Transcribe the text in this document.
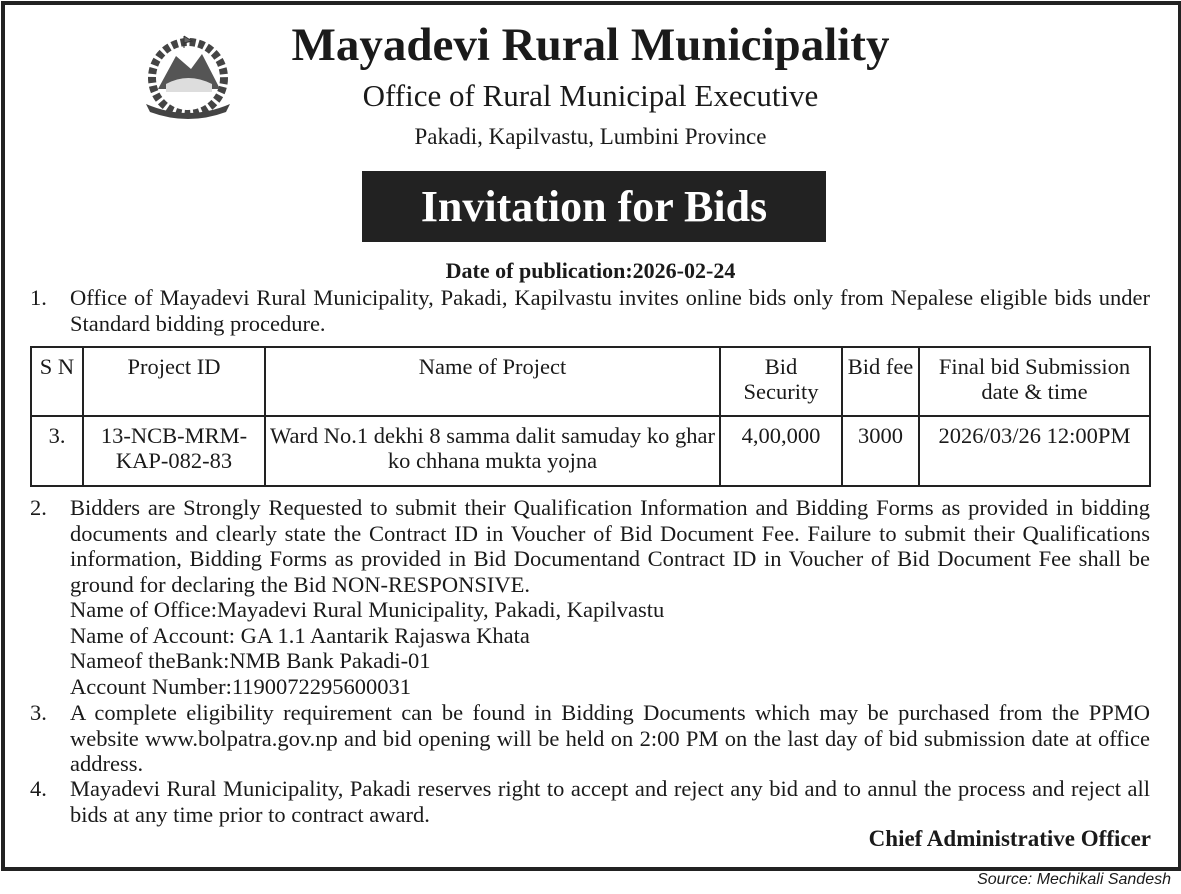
Mayadevi Rural Municipality
Office of Rural Municipal Executive
Pakadi, Kapilvastu, Lumbini Province
Invitation for Bids
Date of publication:2026-02-24
1. Office of Mayadevi Rural Municipality, Pakadi, Kapilvastu invites online bids only from Nepalese eligible bids under Standard bidding procedure.
S N	Project ID	Name of Project	Bid Security	Bid fee	Final bid Submission date & time
3.	13-NCB-MRM-KAP-082-83	Ward No.1 dekhi 8 samma dalit samuday ko ghar ko chhana mukta yojna	4,00,000	3000	2026/03/26 12:00PM
2. Bidders are Strongly Requested to submit their Qualification Information and Bidding Forms as provided in bidding documents and clearly state the Contract ID in Voucher of Bid Document Fee. Failure to submit their Qualifications information, Bidding Forms as provided in Bid Documentand Contract ID in Voucher of Bid Document Fee shall be ground for declaring the Bid NON-RESPONSIVE.
Name of Office:Mayadevi Rural Municipality, Pakadi, Kapilvastu
Name of Account: GA 1.1 Aantarik Rajaswa Khata
Nameof theBank:NMB Bank Pakadi-01
Account Number:1190072295600031
3. A complete eligibility requirement can be found in Bidding Documents which may be purchased from the PPMO website www.bolpatra.gov.np and bid opening will be held on 2:00 PM on the last day of bid submission date at office address.
4. Mayadevi Rural Municipality, Pakadi reserves right to accept and reject any bid and to annul the process and reject all bids at any time prior to contract award.
Chief Administrative Officer
Source: Mechikali Sandesh
